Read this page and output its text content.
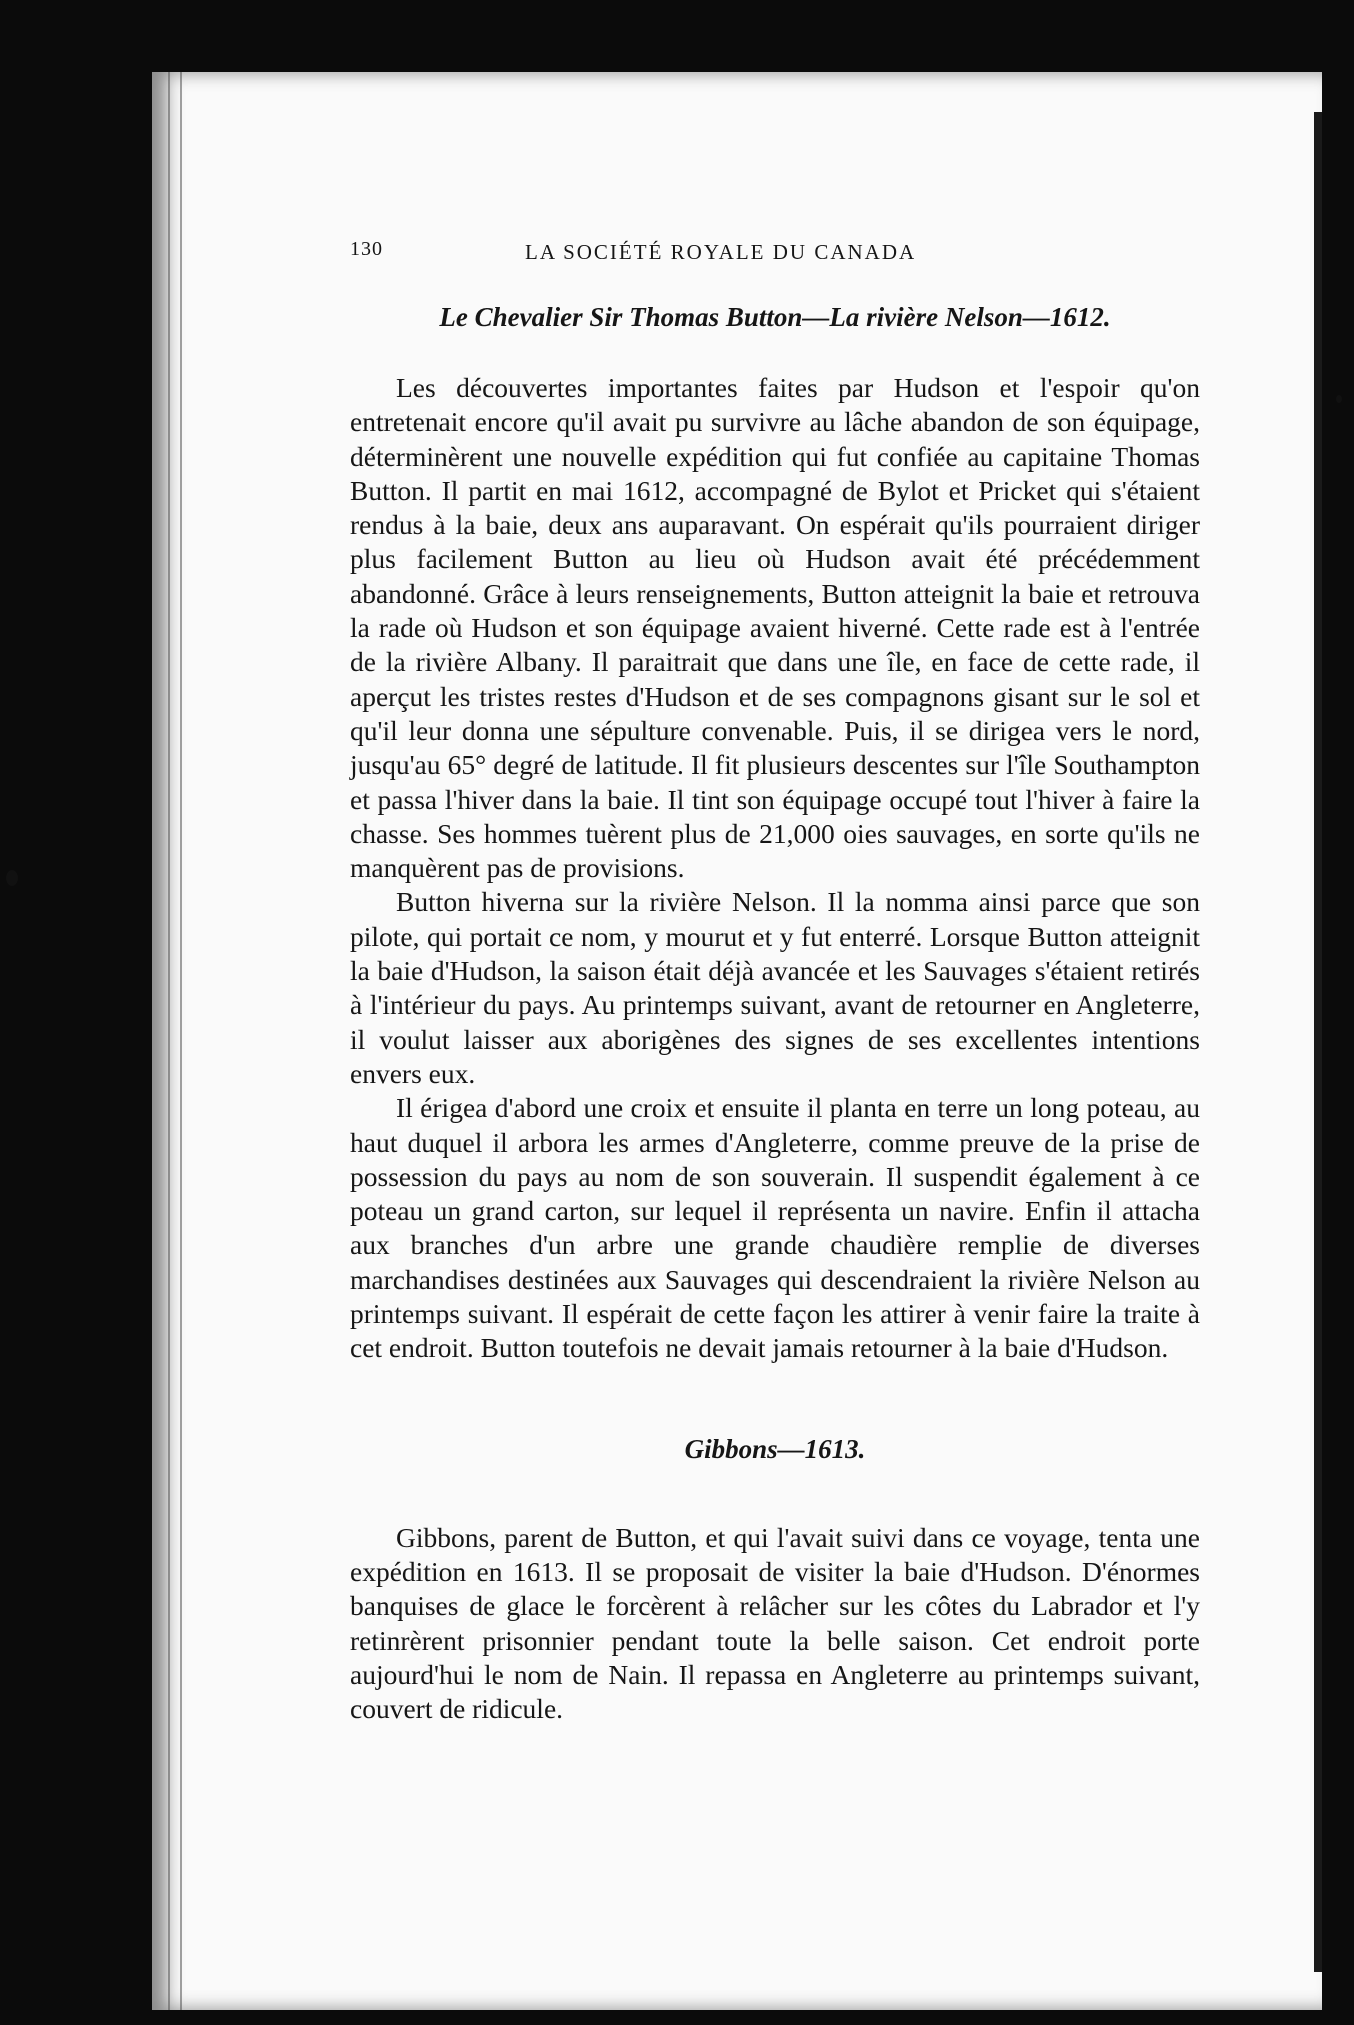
130	LA SOCIÉTÉ ROYALE DU CANADA
Le Chevalier Sir Thomas Button—La rivière Nelson—1612.

Les découvertes importantes faites par Hudson et l'espoir qu'on entretenait encore qu'il avait pu survivre au lâche abandon de son équipage, déterminèrent une nouvelle expédition qui fut confiée au capitaine Thomas Button. Il partit en mai 1612, accompagné de Bylot et Pricket qui s'étaient rendus à la baie, deux ans auparavant. On espérait qu'ils pourraient diriger plus facilement Button au lieu où Hudson avait été précédemment abandonné. Grâce à leurs renseignements, Button atteignit la baie et retrouva la rade où Hudson et son équipage avaient hiverné. Cette rade est à l'entrée de la rivière Albany. Il paraitrait que dans une île, en face de cette rade, il aperçut les tristes restes d'Hudson et de ses compagnons gisant sur le sol et qu'il leur donna une sépulture convenable. Puis, il se dirigea vers le nord, jusqu'au 65° degré de latitude. Il fit plusieurs descentes sur l'île Southampton et passa l'hiver dans la baie. Il tint son équipage occupé tout l'hiver à faire la chasse. Ses hommes tuèrent plus de 21,000 oies sauvages, en sorte qu'ils ne manquèrent pas de provisions.

Button hiverna sur la rivière Nelson. Il la nomma ainsi parce que son pilote, qui portait ce nom, y mourut et y fut enterré. Lorsque Button atteignit la baie d'Hudson, la saison était déjà avancée et les Sauvages s'étaient retirés à l'intérieur du pays. Au printemps suivant, avant de retourner en Angleterre, il voulut laisser aux aborigènes des signes de ses excellentes intentions envers eux.

Il érigea d'abord une croix et ensuite il planta en terre un long poteau, au haut duquel il arbora les armes d'Angleterre, comme preuve de la prise de possession du pays au nom de son souverain. Il suspendit également à ce poteau un grand carton, sur lequel il représenta un navire. Enfin il attacha aux branches d'un arbre une grande chaudière remplie de diverses marchandises destinées aux Sauvages qui descendraient la rivière Nelson au printemps suivant. Il espérait de cette façon les attirer à venir faire la traite à cet endroit. Button toutefois ne devait jamais retourner à la baie d'Hudson.

Gibbons—1613.

Gibbons, parent de Button, et qui l'avait suivi dans ce voyage, tenta une expédition en 1613. Il se proposait de visiter la baie d'Hudson. D'énormes banquises de glace le forcèrent à relâcher sur les côtes du Labrador et l'y retinrèrent prisonnier pendant toute la belle saison. Cet endroit porte aujourd'hui le nom de Nain. Il repassa en Angleterre au printemps suivant, couvert de ridicule.
